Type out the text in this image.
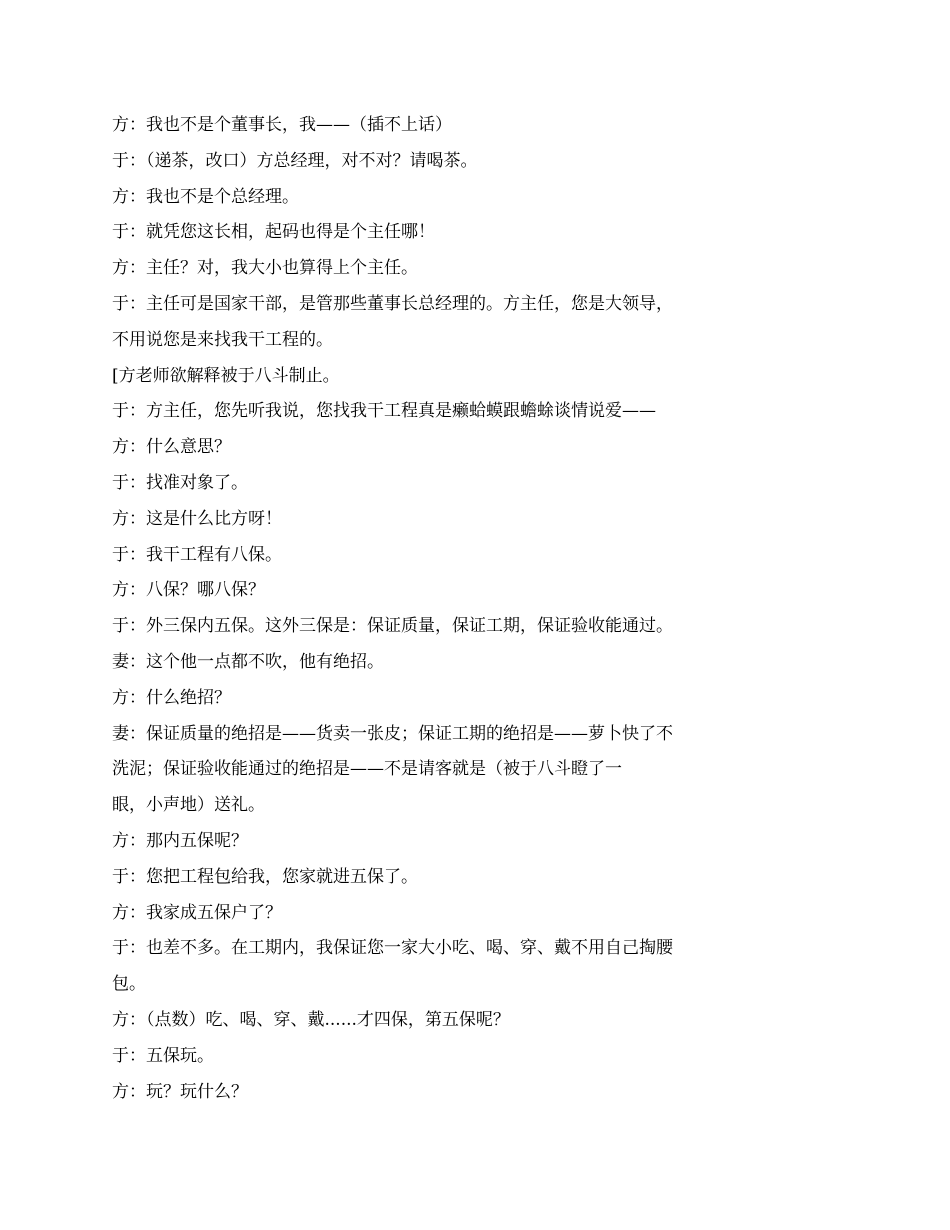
方：我也不是个董事长，我——（插不上话）
于：（递茶，改口）方总经理，对不对？请喝茶。
方：我也不是个总经理。
于：就凭您这长相，起码也得是个主任哪！
方：主任？对，我大小也算得上个主任。
于：主任可是国家干部，是管那些董事长总经理的。方主任，您是大领导，
不用说您是来找我干工程的。
[方老师欲解释被于八斗制止。
于：方主任，您先听我说，您找我干工程真是癞蛤蟆跟蟾蜍谈情说爱——
方：什么意思？
于：找准对象了。
方：这是什么比方呀！
于：我干工程有八保。
方：八保？哪八保？
于：外三保内五保。这外三保是：保证质量，保证工期，保证验收能通过。
妻：这个他一点都不吹，他有绝招。
方：什么绝招？
妻：保证质量的绝招是——货卖一张皮；保证工期的绝招是——萝卜快了不
洗泥；保证验收能通过的绝招是——不是请客就是（被于八斗瞪了一
眼，小声地）送礼。
方：那内五保呢？
于：您把工程包给我，您家就进五保了。
方：我家成五保户了？
于：也差不多。在工期内，我保证您一家大小吃、喝、穿、戴不用自己掏腰
包。
方：（点数）吃、喝、穿、戴......才四保，第五保呢？
于：五保玩。
方：玩？玩什么？
